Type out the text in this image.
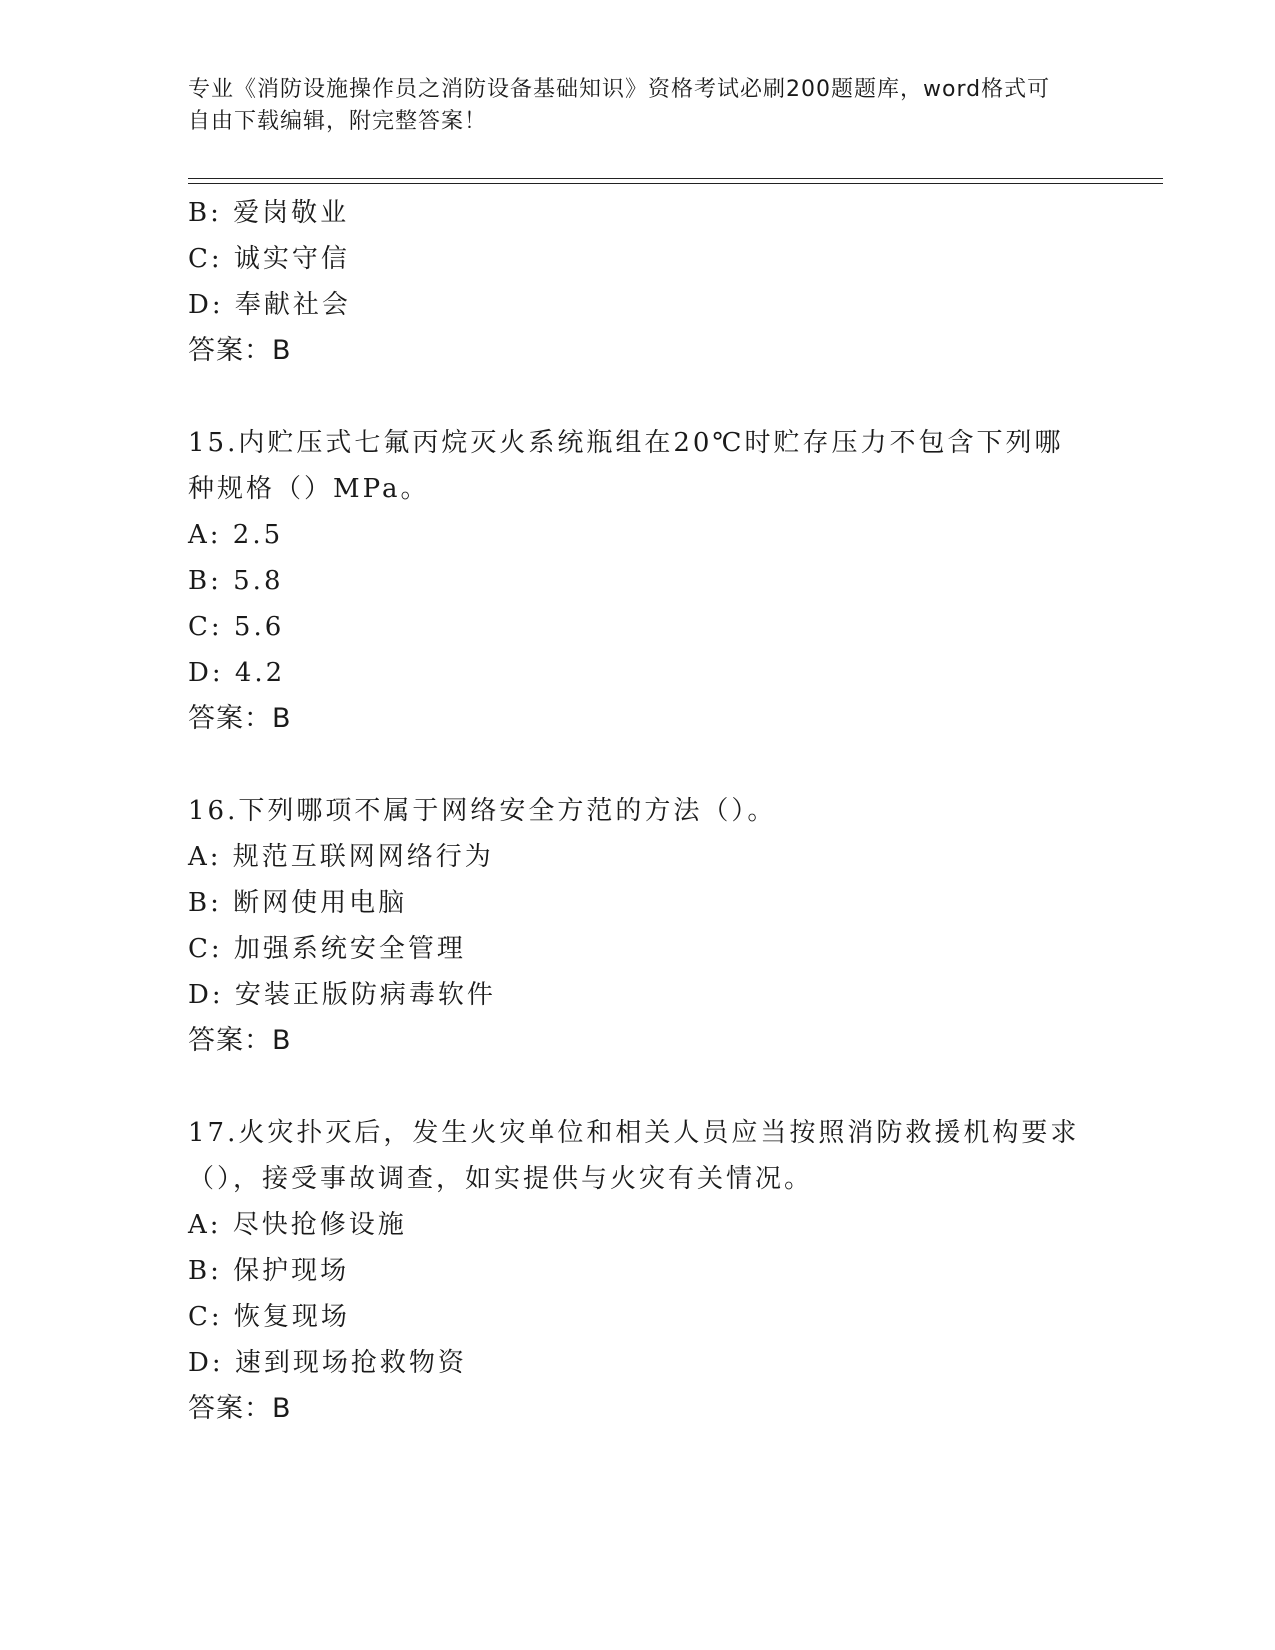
专业《消防设施操作员之消防设备基础知识》资格考试必刷200题题库，word格式可自由下载编辑，附完整答案！
B: 爱岗敬业
C: 诚实守信
D: 奉献社会
答案：B
15.内贮压式七氟丙烷灭火系统瓶组在20℃时贮存压力不包含下列哪种规格（）MPa。
A: 2.5
B: 5.8
C: 5.6
D: 4.2
答案：B
16.下列哪项不属于网络安全方范的方法（）。
A: 规范互联网网络行为
B: 断网使用电脑
C: 加强系统安全管理
D: 安装正版防病毒软件
答案：B
17.火灾扑灭后，发生火灾单位和相关人员应当按照消防救援机构要求（），接受事故调查，如实提供与火灾有关情况。
A: 尽快抢修设施
B: 保护现场
C: 恢复现场
D: 速到现场抢救物资
答案：B
